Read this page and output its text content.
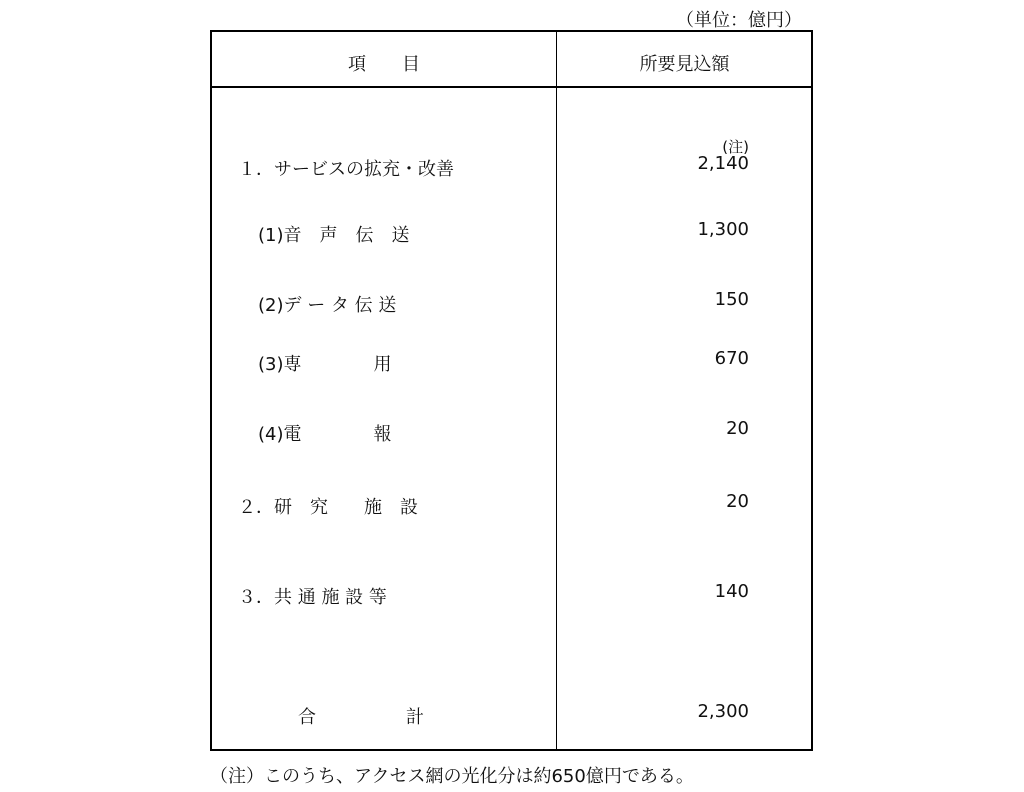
（単位：億円）
項　　目	所要見込額
(注)
１．サービスの拡充・改善	2,140
(1)音　声　伝　送	1,300
(2)デ ー タ 伝 送	150
(3)専　　　　用	670
(4)電　　　　報	20
２．研　究　　施　設	20
３．共 通 施 設 等	140
合　　　　　計	2,300
（注）このうち、アクセス網の光化分は約650億円である。
